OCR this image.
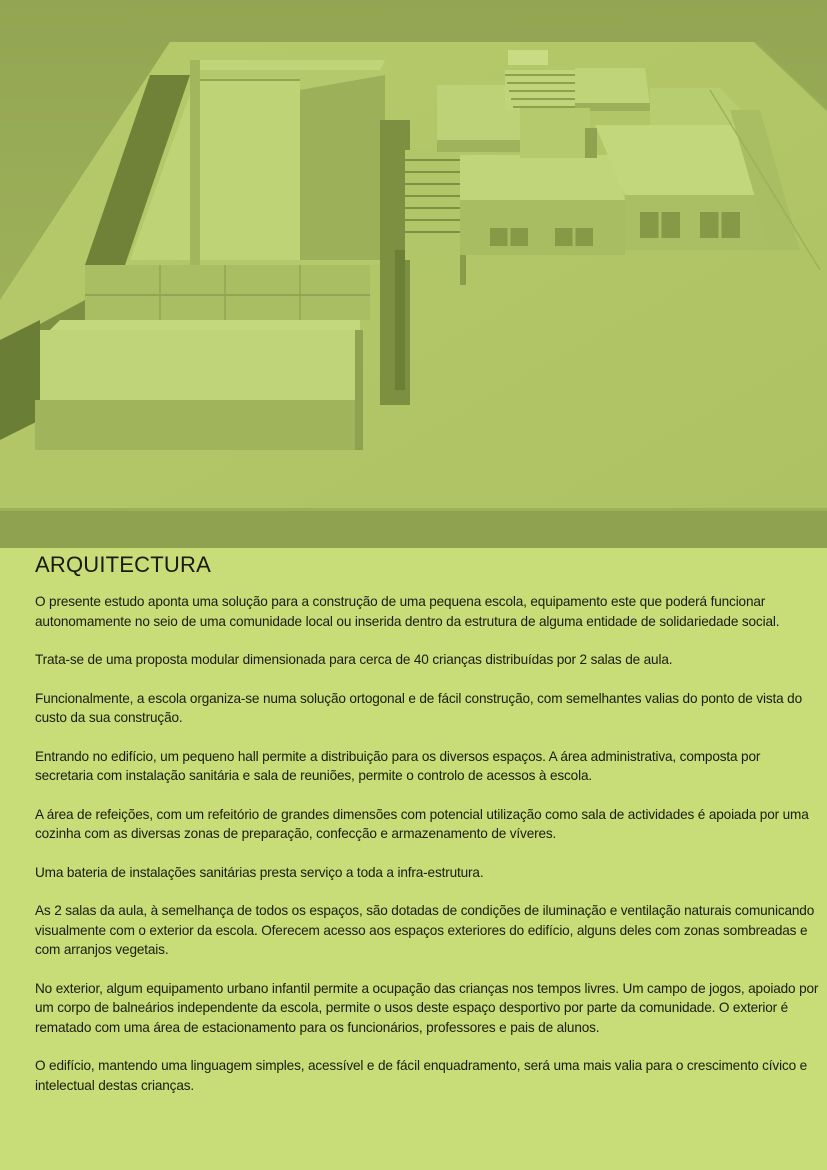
ARQUITECTURA

O presente estudo aponta uma solução para a construção de uma pequena escola, equipamento este que poderá funcionar autonomamente no seio de uma comunidade local ou inserida dentro da estrutura de alguma entidade de solidariedade social.

Trata-se de uma proposta modular dimensionada para cerca de 40 crianças distribuídas por 2 salas de aula.

Funcionalmente, a escola organiza-se numa solução ortogonal e de fácil construção, com semelhantes valias do ponto de vista do custo da sua construção.

Entrando no edifício, um pequeno hall permite a distribuição para os diversos espaços. A área administrativa, composta por secretaria com instalação sanitária e sala de reuniões, permite o controlo de acessos à escola.

A área de refeições, com um refeitório de grandes dimensões com potencial utilização como sala de actividades é apoiada por uma cozinha com as diversas zonas de preparação, confecção e armazenamento de víveres.

Uma bateria de instalações sanitárias presta serviço a toda a infra-estrutura.

As 2 salas da aula, à semelhança de todos os espaços, são dotadas de condições de iluminação e ventilação naturais comunicando visualmente com o exterior da escola. Oferecem acesso aos espaços exteriores do edifício, alguns deles com zonas sombreadas e com arranjos vegetais.

No exterior, algum equipamento urbano infantil permite a ocupação das crianças nos tempos livres. Um campo de jogos, apoiado por um corpo de balneários independente da escola, permite o usos deste espaço desportivo por parte da comunidade. O exterior é rematado com uma área de estacionamento para os funcionários, professores e pais de alunos.

O edifício, mantendo uma linguagem simples, acessível e de fácil enquadramento, será uma mais valia para o crescimento cívico e intelectual destas crianças.
